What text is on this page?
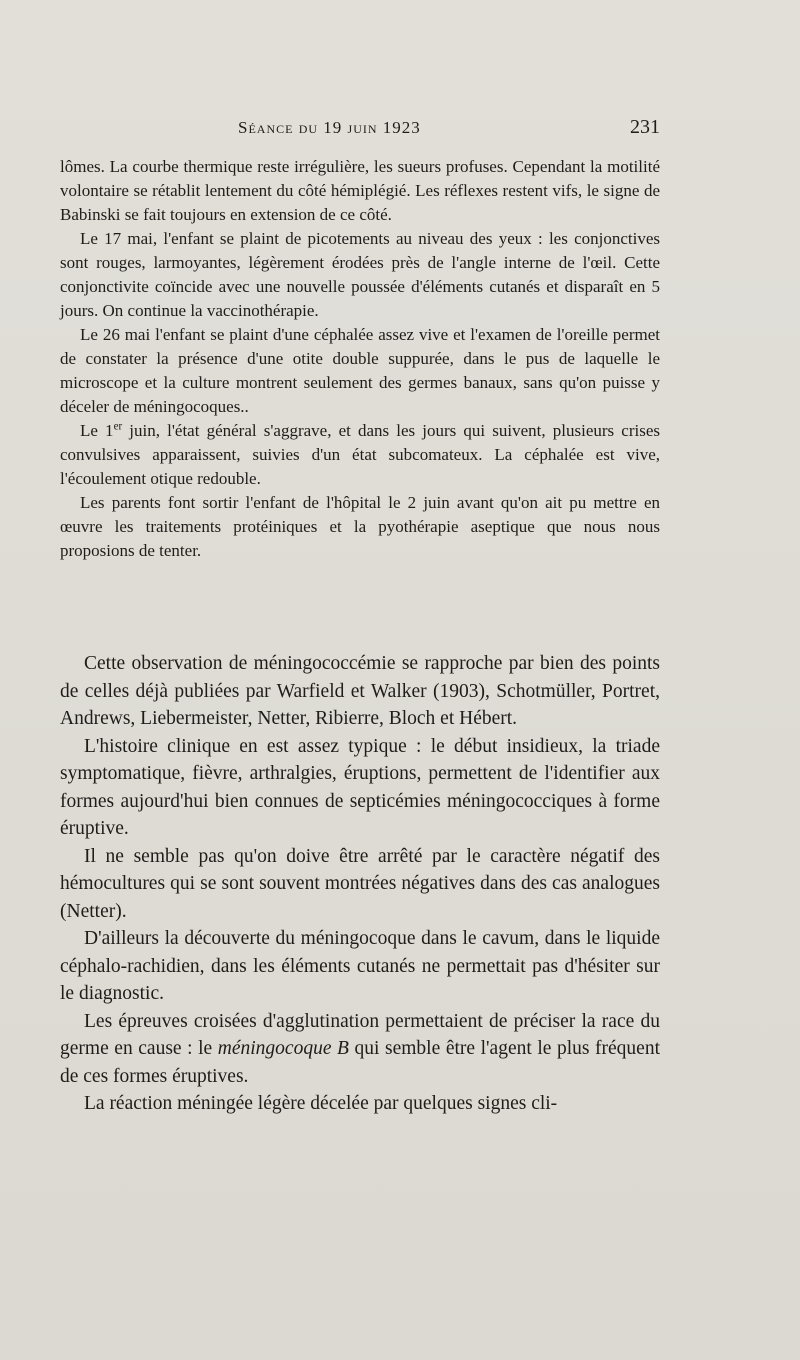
Séance du 19 juin 1923	231

lômes. La courbe thermique reste irrégulière, les sueurs profuses. Cependant la motilité volontaire se rétablit lentement du côté hémiplégié. Les réflexes restent vifs, le signe de Babinski se fait toujours en extension de ce côté.

Le 17 mai, l'enfant se plaint de picotements au niveau des yeux : les conjonctives sont rouges, larmoyantes, légèrement érodées près de l'angle interne de l'œil. Cette conjonctivite coïncide avec une nouvelle poussée d'éléments cutanés et disparaît en 5 jours. On continue la vaccinothérapie.

Le 26 mai l'enfant se plaint d'une céphalée assez vive et l'examen de l'oreille permet de constater la présence d'une otite double suppurée, dans le pus de laquelle le microscope et la culture montrent seulement des germes banaux, sans qu'on puisse y déceler de méningocoques..

Le 1er juin, l'état général s'aggrave, et dans les jours qui suivent, plusieurs crises convulsives apparaissent, suivies d'un état subcomateux. La céphalée est vive, l'écoulement otique redouble.

Les parents font sortir l'enfant de l'hôpital le 2 juin avant qu'on ait pu mettre en œuvre les traitements protéiniques et la pyothérapie aseptique que nous nous proposions de tenter.

Cette observation de méningococcémie se rapproche par bien des points de celles déjà publiées par Warfield et Walker (1903), Schotmüller, Portret, Andrews, Liebermeister, Netter, Ribierre, Bloch et Hébert.

L'histoire clinique en est assez typique : le début insidieux, la triade symptomatique, fièvre, arthralgies, éruptions, permettent de l'identifier aux formes aujourd'hui bien connues de septicémies méningococciques à forme éruptive.

Il ne semble pas qu'on doive être arrêté par le caractère négatif des hémocultures qui se sont souvent montrées négatives dans des cas analogues (Netter).

D'ailleurs la découverte du méningocoque dans le cavum, dans le liquide céphalo-rachidien, dans les éléments cutanés ne permettait pas d'hésiter sur le diagnostic.

Les épreuves croisées d'agglutination permettaient de préciser la race du germe en cause : le méningocoque B qui semble être l'agent le plus fréquent de ces formes éruptives.

La réaction méningée légère décelée par quelques signes cli-
